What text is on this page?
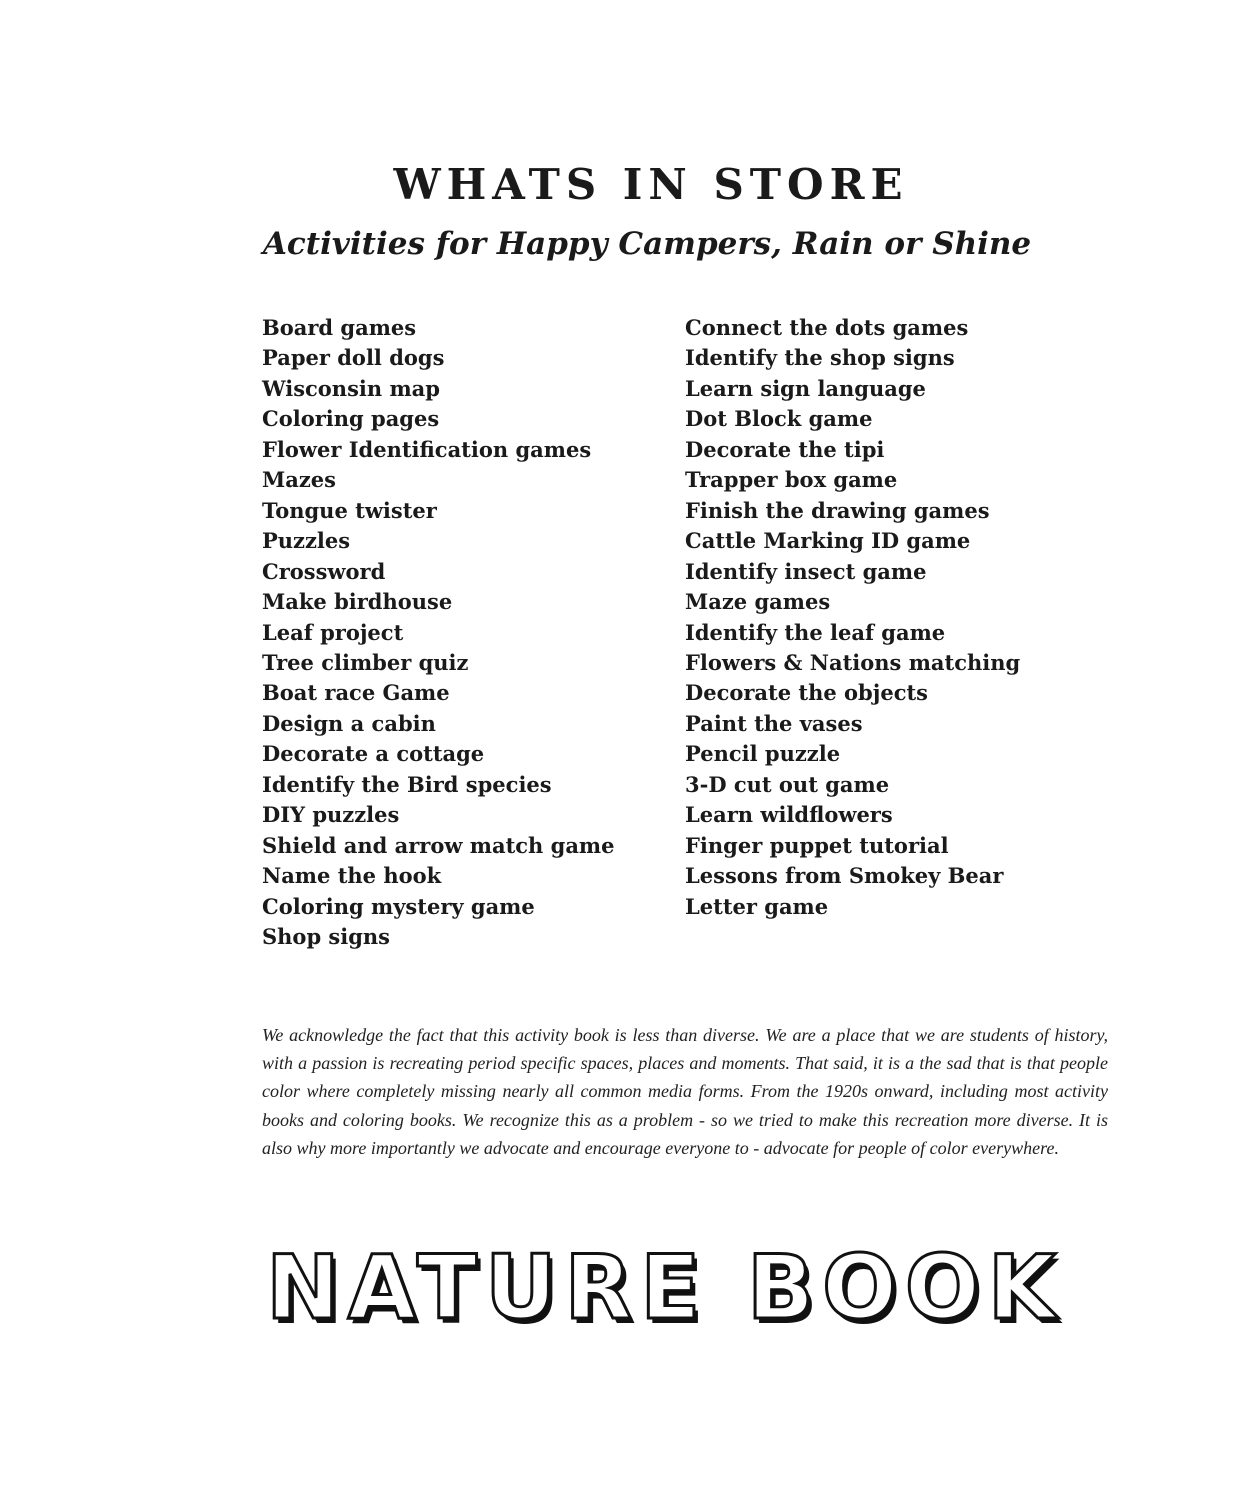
WHATS IN STORE
Activities for Happy Campers, Rain or Shine
Board games
Paper doll dogs
Wisconsin map
Coloring pages
Flower Identification games
Mazes
Tongue twister
Puzzles
Crossword
Make birdhouse
Leaf project
Tree climber quiz
Boat race Game
Design a cabin
Decorate a cottage
Identify the Bird species
DIY puzzles
Shield and arrow match game
Name the hook
Coloring mystery game
Shop signs
Connect the dots games
Identify the shop signs
Learn sign language
Dot Block game
Decorate the tipi
Trapper box game
Finish the drawing games
Cattle Marking ID game
Identify insect game
Maze games
Identify the leaf game
Flowers & Nations matching
Decorate the objects
Paint the vases
Pencil puzzle
3-D cut out game
Learn wildflowers
Finger puppet tutorial
Lessons from Smokey Bear
Letter game

We acknowledge the fact that this activity book is less than diverse. We are a place that we are students of history, with a passion is recreating period specific spaces, places and moments. That said, it is a the sad that is that people color where completely missing nearly all common media forms. From the 1920s onward, including most activity books and coloring books. We recognize this as a problem - so we tried to make this recreation more diverse. It is also why more importantly we advocate and encourage everyone to - advocate for people of color everywhere.

NATURE BOOK
